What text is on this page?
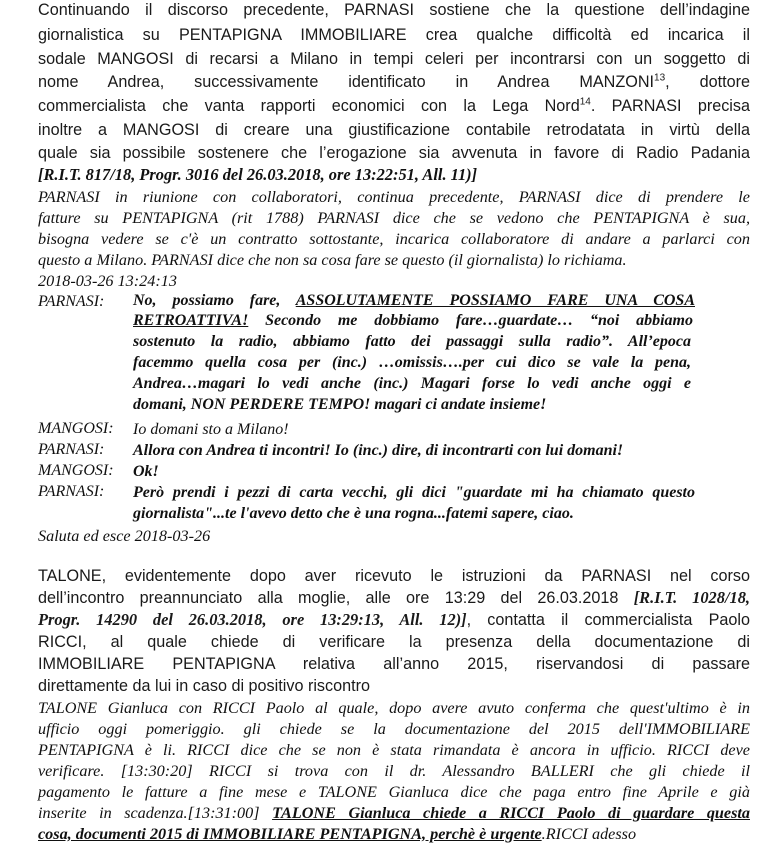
Continuando il discorso precedente, PARNASI sostiene che la questione dell’indagine
giornalistica su PENTAPIGNA IMMOBILIARE crea qualche difficoltà ed incarica il
sodale MANGOSI di recarsi a Milano in tempi celeri per incontrarsi con un soggetto di
nome Andrea, successivamente identificato in Andrea MANZONI$^{13}$, dottore
commercialista che vanta rapporti economici con la Lega Nord$^{14}$. PARNASI precisa
inoltre a MANGOSI di creare una giustificazione contabile retrodatata in virtù della
quale sia possibile sostenere che l’erogazione sia avvenuta in favore di Radio Padania
[R.I.T. 817/18, Progr. 3016 del 26.03.2018, ore 13:22:51, All. 11)]
PARNASI in riunione con collaboratori, continua precedente, PARNASI dice di prendere le
fatture su PENTAPIGNA (rit 1788) PARNASI dice che se vedono che PENTAPIGNA è sua,
bisogna vedere se c'è un contratto sottostante, incarica collaboratore di andare a parlarci con
questo a Milano. PARNASI dice che non sa cosa fare se questo (il giornalista) lo richiama.
2018-03-26 13:24:13
PARNASI: No, possiamo fare, ASSOLUTAMENTE POSSIAMO FARE UNA COSA
RETROATTIVA! Secondo me dobbiamo fare…guardate… “noi abbiamo
sostenuto la radio, abbiamo fatto dei passaggi sulla radio”. All’epoca
facemmo quella cosa per (inc.) …omissis….per cui dico se vale la pena,
Andrea…magari lo vedi anche (inc.) Magari forse lo vedi anche oggi e
domani, NON PERDERE TEMPO! magari ci andate insieme!
MANGOSI: Io domani sto a Milano!
PARNASI: Allora con Andrea ti incontri! Io (inc.) dire, di incontrarti con lui domani!
MANGOSI: Ok!
PARNASI: Però prendi i pezzi di carta vecchi, gli dici "guardate mi ha chiamato questo
giornalista"...te l'avevo detto che è una rogna...fatemi sapere, ciao.
Saluta ed esce 2018-03-26
TALONE, evidentemente dopo aver ricevuto le istruzioni da PARNASI nel corso
dell’incontro preannunciato alla moglie, alle ore 13:29 del 26.03.2018 [R.I.T. 1028/18,
Progr. 14290 del 26.03.2018, ore 13:29:13, All. 12)], contatta il commercialista Paolo
RICCI, al quale chiede di verificare la presenza della documentazione di
IMMOBILIARE PENTAPIGNA relativa all’anno 2015, riservandosi di passare
direttamente da lui in caso di positivo riscontro
TALONE Gianluca con RICCI Paolo al quale, dopo avere avuto conferma che quest'ultimo è in
ufficio oggi pomeriggio. gli chiede se la documentazione del 2015 dell'IMMOBILIARE
PENTAPIGNA è li. RICCI dice che se non è stata rimandata è ancora in ufficio. RICCI deve
verificare. [13:30:20] RICCI si trova con il dr. Alessandro BALLERI che gli chiede il
pagamento le fatture a fine mese e TALONE Gianluca dice che paga entro fine Aprile e già
inserite in scadenza.[13:31:00] TALONE Gianluca chiede a RICCI Paolo di guardare questa
cosa, documenti 2015 di IMMOBILIARE PENTAPIGNA, perchè è urgente.RICCI adesso
